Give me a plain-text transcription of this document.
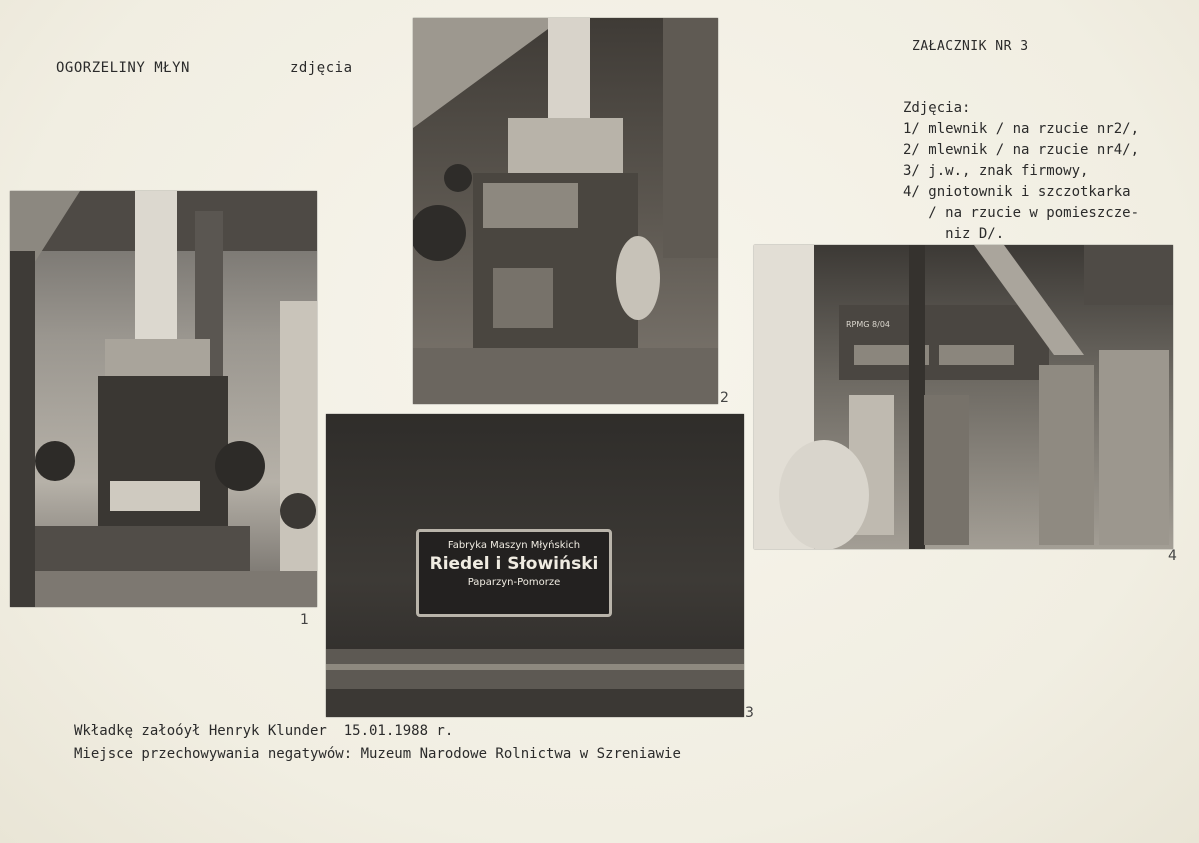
OGORZELINY MŁYN	zdjęcia
ZAŁACZNIK NR 3
Zdjęcia:
1/ mlewnik / na rzucie nr2/,
2/ mlewnik / na rzucie nr4/,
3/ j.w., znak firmowy,
4/ gniotownik i szczotkarka
/ na rzucie w pomieszcze-
niz D/.
1
2
Fabryka Maszyn Młyńskich
Riedel i Słowiński
Paparzyn-Pomorze
3
RPMG 8/04
4
Wkładkę załoóył Henryk Klunder  15.01.1988 r.
Miejsce przechowywania negatywów: Muzeum Narodowe Rolnictwa w Szreniawie
